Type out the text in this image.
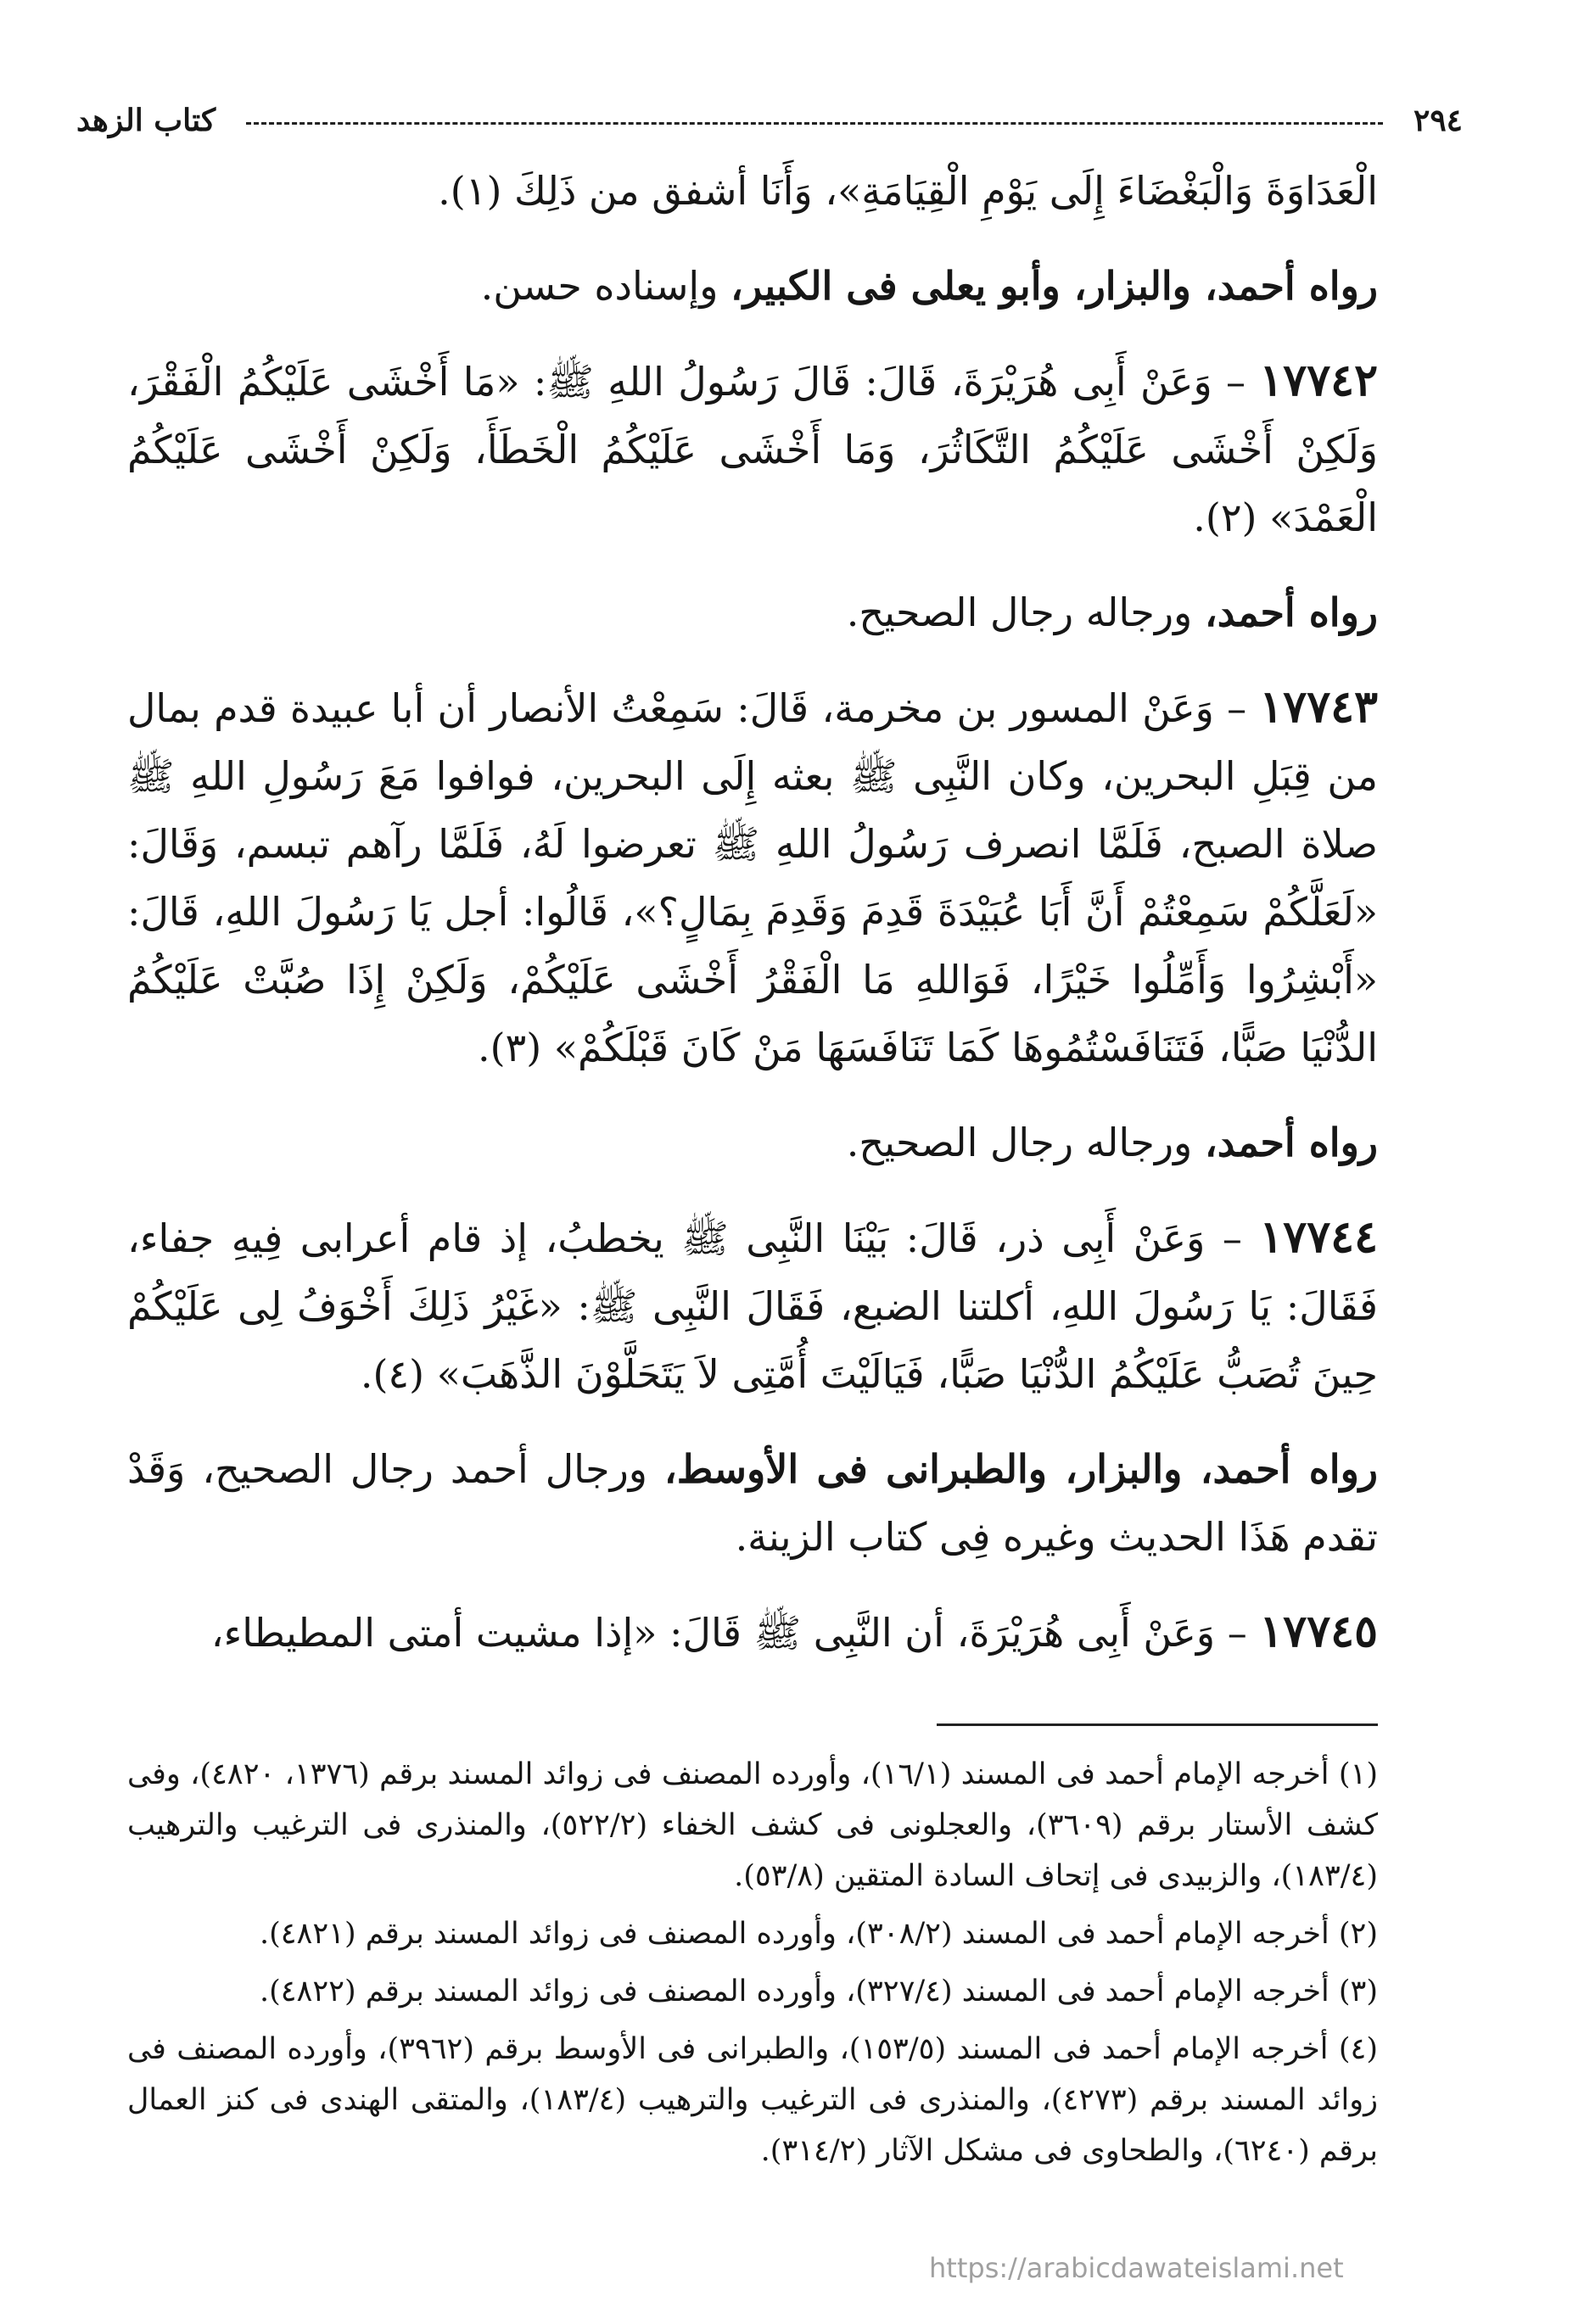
٢٩٤
كتاب الزهد

الْعَدَاوَةَ وَالْبَغْضَاءَ إِلَى يَوْمِ الْقِيَامَةِ»، وَأَنَا أشفق من ذَلِكَ (١).

رواه أحمد، والبزار، وأبو يعلى فى الكبير، وإسناده حسن.

١٧٧٤٢ – وَعَنْ أَبِى هُرَيْرَةَ، قَالَ: قَالَ رَسُولُ اللهِ ﷺ: «مَا أَخْشَى عَلَيْكُمُ الْفَقْرَ، وَلَكِنْ أَخْشَى عَلَيْكُمُ التَّكَاثُرَ، وَمَا أَخْشَى عَلَيْكُمُ الْخَطَأَ، وَلَكِنْ أَخْشَى عَلَيْكُمُ الْعَمْدَ» (٢).

رواه أحمد، ورجاله رجال الصحيح.

١٧٧٤٣ – وَعَنْ المسور بن مخرمة، قَالَ: سَمِعْتُ الأنصار أن أبا عبيدة قدم بمال من قِبَلِ البحرين، وكان النَّبِى ﷺ بعثه إِلَى البحرين، فوافوا مَعَ رَسُولِ اللهِ ﷺ صلاة الصبح، فَلَمَّا انصرف رَسُولُ اللهِ ﷺ تعرضوا لَهُ، فَلَمَّا رآهم تبسم، وَقَالَ: «لَعَلَّكُمْ سَمِعْتُمْ أَنَّ أَبَا عُبَيْدَةَ قَدِمَ وَقَدِمَ بِمَالٍ؟»، قَالُوا: أجل يَا رَسُولَ اللهِ، قَالَ: «أَبْشِرُوا وَأَمِّلُوا خَيْرًا، فَوَاللهِ مَا الْفَقْرُ أَخْشَى عَلَيْكُمْ، وَلَكِنْ إِذَا صُبَّتْ عَلَيْكُمُ الدُّنْيَا صَبًّا، فَتَنَافَسْتُمُوهَا كَمَا تَنَافَسَهَا مَنْ كَانَ قَبْلَكُمْ» (٣).

رواه أحمد، ورجاله رجال الصحيح.

١٧٧٤٤ – وَعَنْ أَبِى ذر، قَالَ: بَيْنَا النَّبِى ﷺ يخطبُ، إذ قام أعرابى فِيهِ جفاء، فَقَالَ: يَا رَسُولَ اللهِ، أكلتنا الضبع، فَقَالَ النَّبِى ﷺ: «غَيْرُ ذَلِكَ أَخْوَفُ لِى عَلَيْكُمْ حِينَ تُصَبُّ عَلَيْكُمُ الدُّنْيَا صَبًّا، فَيَالَيْتَ أُمَّتِى لاَ يَتَحَلَّوْنَ الذَّهَبَ» (٤).

رواه أحمد، والبزار، والطبرانى فى الأوسط، ورجال أحمد رجال الصحيح، وَقَدْ تقدم هَذَا الحديث وغيره فِى كتاب الزينة.

١٧٧٤٥ – وَعَنْ أَبِى هُرَيْرَةَ، أن النَّبِى ﷺ قَالَ: «إذا مشيت أمتى المطيطاء،

(١) أخرجه الإمام أحمد فى المسند (١٦/١)، وأورده المصنف فى زوائد المسند برقم (١٣٧٦، ٤٨٢٠)، وفى كشف الأستار برقم (٣٦٠٩)، والعجلونى فى كشف الخفاء (٥٢٢/٢)، والمنذرى فى الترغيب والترهيب (١٨٣/٤)، والزبيدى فى إتحاف السادة المتقين (٥٣/٨).

(٢) أخرجه الإمام أحمد فى المسند (٣٠٨/٢)، وأورده المصنف فى زوائد المسند برقم (٤٨٢١).

(٣) أخرجه الإمام أحمد فى المسند (٣٢٧/٤)، وأورده المصنف فى زوائد المسند برقم (٤٨٢٢).

(٤) أخرجه الإمام أحمد فى المسند (١٥٣/٥)، والطبرانى فى الأوسط برقم (٣٩٦٢)، وأورده المصنف فى زوائد المسند برقم (٤٢٧٣)، والمنذرى فى الترغيب والترهيب (١٨٣/٤)، والمتقى الهندى فى كنز العمال برقم (٦٢٤٠)، والطحاوى فى مشكل الآثار (٣١٤/٢).

https://arabicdawateislami.net
